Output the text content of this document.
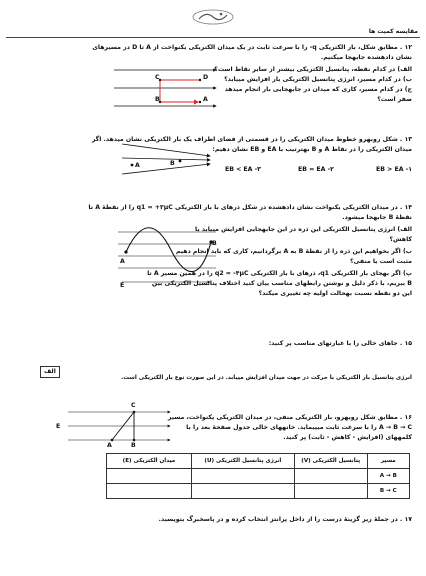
مقایسه کمیت ها
۱۲ . مطابق شکل، بار الکتریکی q- را با سرعت ثابت در یک میدان الکتریکی یکنواخت از A تا D در مسیرهای
نشان دادهشده جابهجا میکنیم.
الف) در کدام نقطه، پتانسیل الکتریکی بیشتر از سایر نقاط است؟
ب) در کدام مسیر، انرژی پتانسیل الکتریکی بار افزایش مییابد؟
ج) در کدام مسیر، کاری که میدان در جابهجایی بار انجام میدهد
صفر است؟
C	D
B	A
۱۳ . شکل روبهرو خطوط میدان الکتریکی را در قسمتی از فضای اطراف یک بار الکتریکی نشان میدهد. اگر
میدان الکتریکی را در نقاط A و B بهترتیب با EA و EB نشان دهیم:
A	B
EB > EA -۱
EB = EA -۲
EB < EA -۳
۱۴ . در میدان الکتریکی یکنواخت نشان دادهشده در شکل ذرهای با بار الکتریکی q1 = +۲μC را از نقطهٔ A تا
نقطهٔ B جابهجا میشود.
الف) انرژی پتانسیل الکتریکی این ذره در این جابهجایی افزایش مییابد یا
کاهش؟
ب) اگر بخواهیم این ذره را از نقطهٔ B به A برگردانیم، کاری که باید انجام دهیم
مثبت است یا منفی؟
پ) اگر بهجای بار الکتریکی q1، ذرهای با بار الکتریکی q2 = -۴μC را در همین مسیر A تا
B ببریم، با ذکر دلیل و نوشتن رابطهای مناسب بیان کنید اختلاف پتانسیل الکتریکی بین
این دو نقطه نسبت بهحالت اولیه چه تغییری میکند؟
A
B
E
۱۵ . جاهای خالی را با عبارتهای مناسب پر کنید:
انرژی پتانسیل بار الکتریکی با حرکت در جهت میدان افزایش مییابد. در این صورت نوع بار الکتریکی است.
الف
۱۶ . مطابق شکل روبهرو، بار الکتریکی منفی، در میدان الکتریکی یکنواخت، مسیر
A → B → C را با سرعت ثابت میپیماید. خانههای خالی جدول صفحهٔ بعد را با
کلمههای (افزایش - کاهش - ثابت) پر کنید.
E
A
C
B
مسیر	پتانسیل الکتریکی (V)	انرژی پتانسیل الکتریکی (U)	میدان الکتریکی (E)
A → B			
B → C			
۱۷ . در جملهٔ زیر گزینهٔ درست را از داخل پرانتز انتخاب کرده و در پاسخبرگ بنویسید.
